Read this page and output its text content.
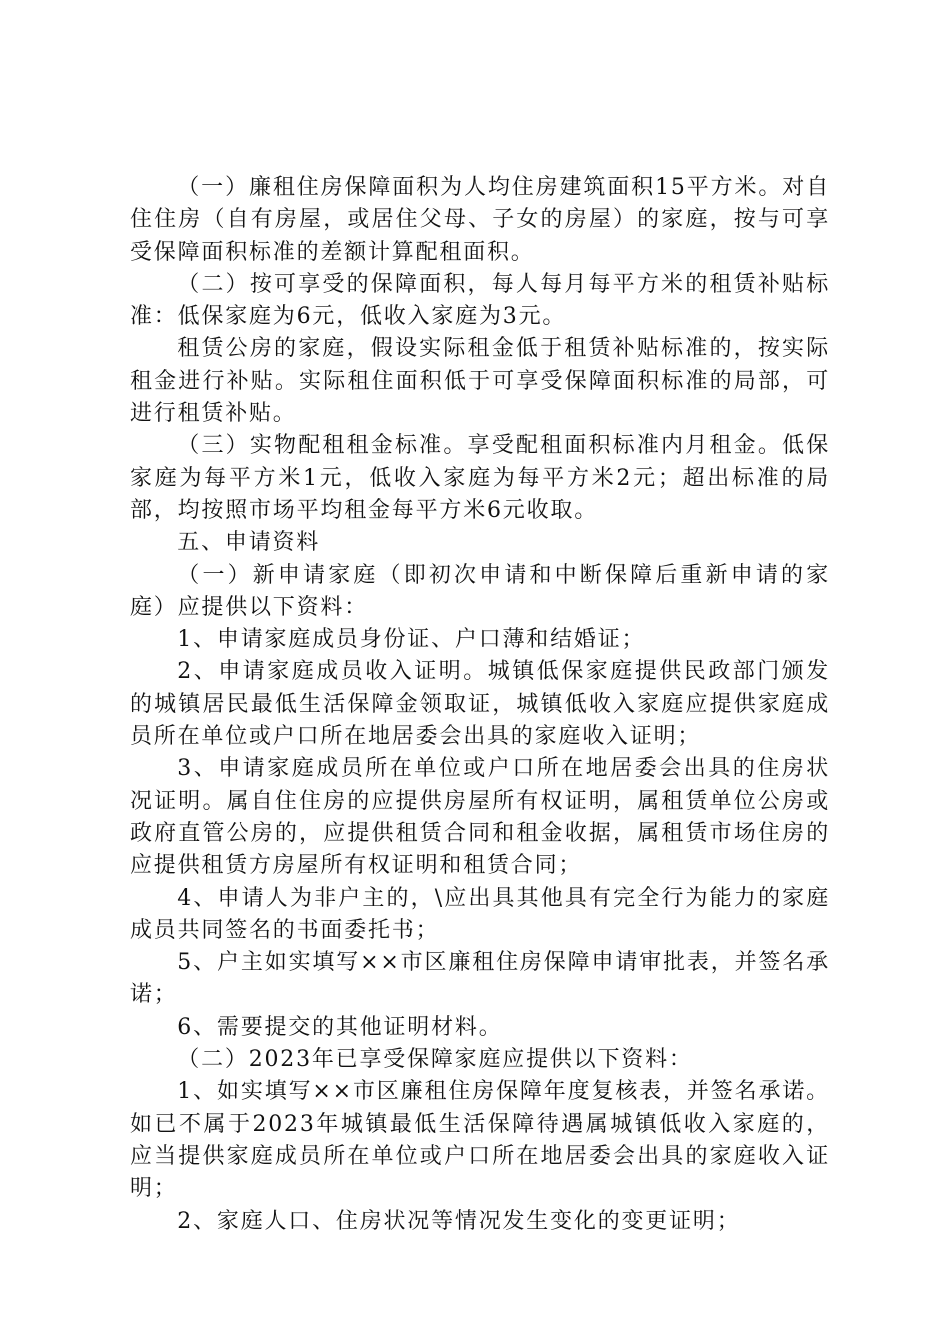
（一）廉租住房保障面积为人均住房建筑面积15平方米。对自住住房（自有房屋，或居住父母、子女的房屋）的家庭，按与可享受保障面积标准的差额计算配租面积。

（二）按可享受的保障面积，每人每月每平方米的租赁补贴标准：低保家庭为6元，低收入家庭为3元。

租赁公房的家庭，假设实际租金低于租赁补贴标准的，按实际租金进行补贴。实际租住面积低于可享受保障面积标准的局部，可进行租赁补贴。

（三）实物配租租金标准。享受配租面积标准内月租金。低保家庭为每平方米1元，低收入家庭为每平方米2元；超出标准的局部，均按照市场平均租金每平方米6元收取。

五、申请资料

（一）新申请家庭（即初次申请和中断保障后重新申请的家庭）应提供以下资料：

1、申请家庭成员身份证、户口薄和结婚证；

2、申请家庭成员收入证明。城镇低保家庭提供民政部门颁发的城镇居民最低生活保障金领取证，城镇低收入家庭应提供家庭成员所在单位或户口所在地居委会出具的家庭收入证明；

3、申请家庭成员所在单位或户口所在地居委会出具的住房状况证明。属自住住房的应提供房屋所有权证明，属租赁单位公房或政府直管公房的，应提供租赁合同和租金收据，属租赁市场住房的应提供租赁方房屋所有权证明和租赁合同；

4、申请人为非户主的，\应出具其他具有完全行为能力的家庭成员共同签名的书面委托书；

5、户主如实填写××市区廉租住房保障申请审批表，并签名承诺；

6、需要提交的其他证明材料。

（二）2023年已享受保障家庭应提供以下资料：

1、如实填写××市区廉租住房保障年度复核表，并签名承诺。如已不属于2023年城镇最低生活保障待遇属城镇低收入家庭的，应当提供家庭成员所在单位或户口所在地居委会出具的家庭收入证明；

2、家庭人口、住房状况等情况发生变化的变更证明；
